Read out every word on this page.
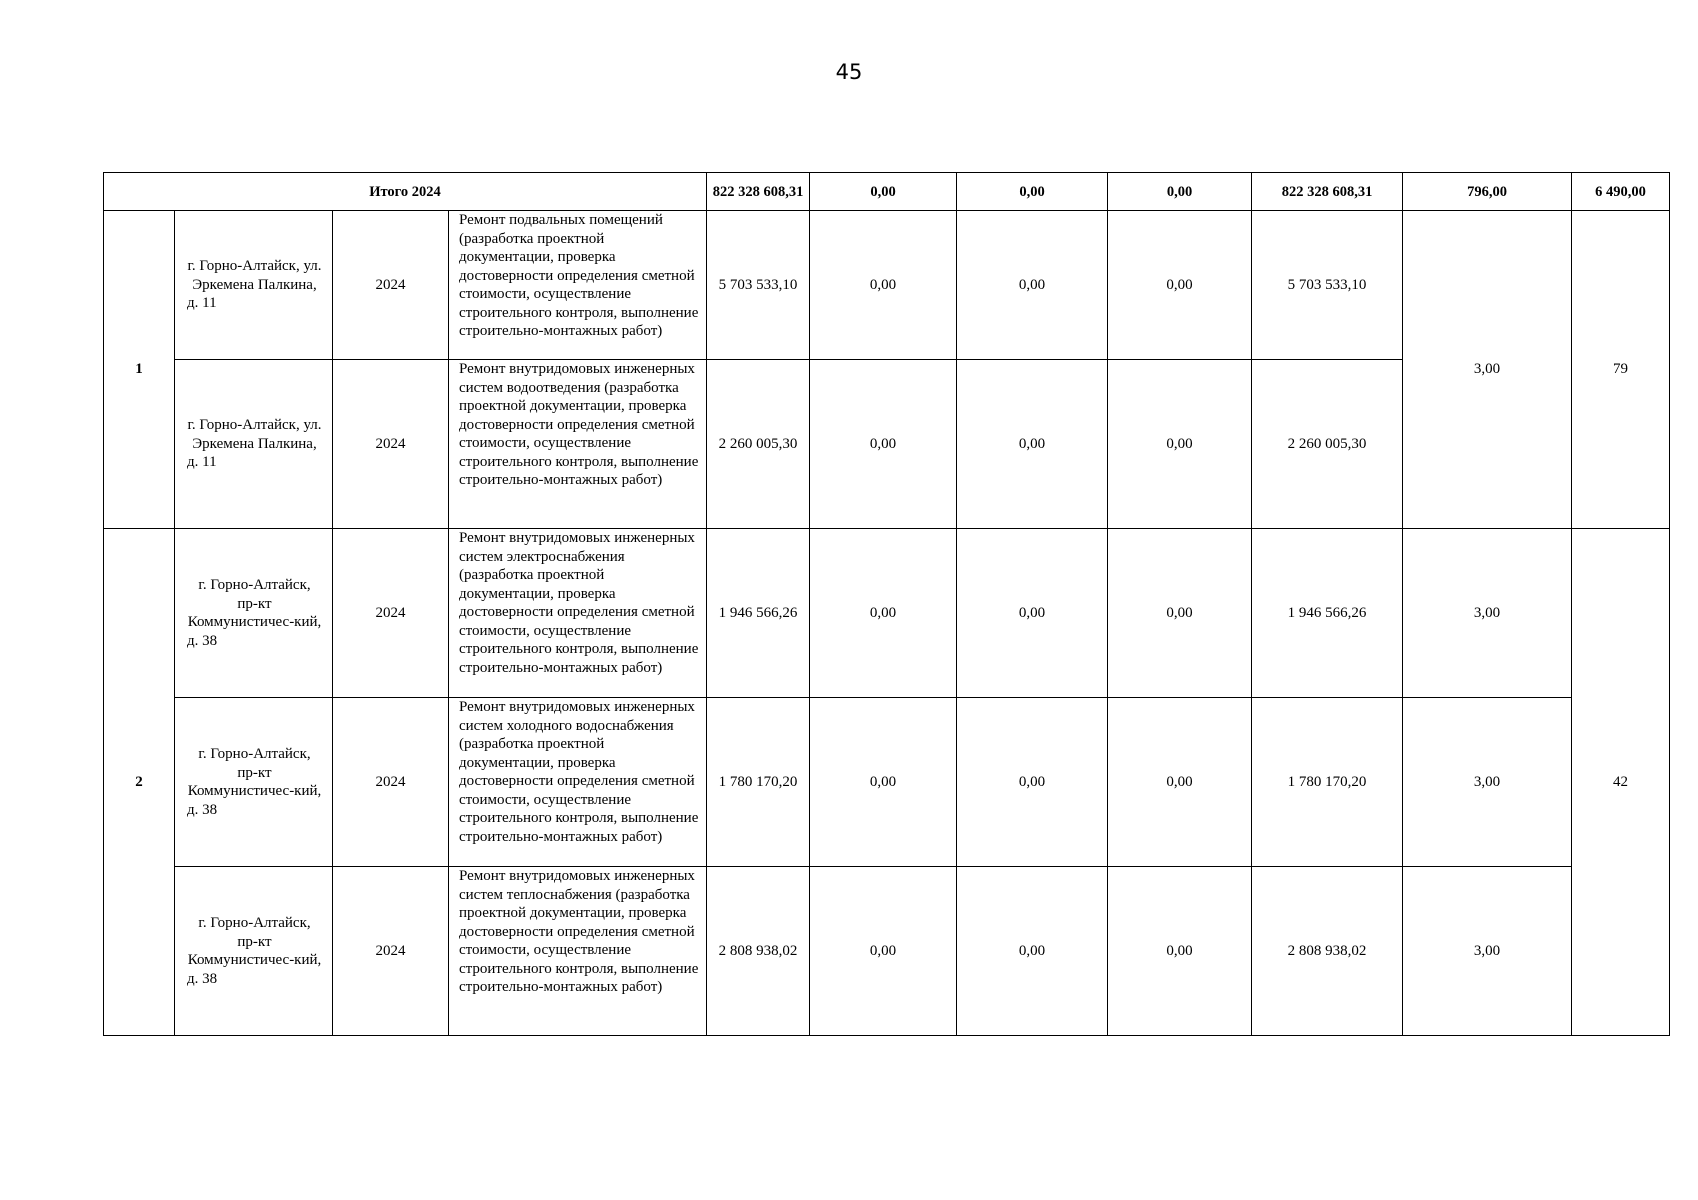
45
Итого 2024				822 328 608,31	0,00	0,00	0,00	822 328 608,31	796,00	6 490,00
1	г. Горно-Алтайск, ул. Эркемена Палкина, д. 11	2024	Ремонт подвальных помещений (разработка проектной документации, проверка достоверности определения сметной стоимости, осуществление строительного контроля, выполнение строительно-монтажных работ)	5 703 533,10	0,00	0,00	0,00	5 703 533,10	3,00	79
	г. Горно-Алтайск, ул. Эркемена Палкина, д. 11	2024	Ремонт внутридомовых инженерных систем водоотведения (разработка проектной документации, проверка достоверности определения сметной стоимости, осуществление строительного контроля, выполнение строительно-монтажных работ)	2 260 005,30	0,00	0,00	0,00	2 260 005,30		
2	г. Горно-Алтайск, пр-кт Коммунистичес-кий, д. 38	2024	Ремонт внутридомовых инженерных систем электроснабжения (разработка проектной документации, проверка достоверности определения сметной стоимости, осуществление строительного контроля, выполнение строительно-монтажных работ)	1 946 566,26	0,00	0,00	0,00	1 946 566,26	3,00	42
	г. Горно-Алтайск, пр-кт Коммунистичес-кий, д. 38	2024	Ремонт внутридомовых инженерных систем холодного водоснабжения (разработка проектной документации, проверка достоверности определения сметной стоимости, осуществление строительного контроля, выполнение строительно-монтажных работ)	1 780 170,20	0,00	0,00	0,00	1 780 170,20	3,00	
	г. Горно-Алтайск, пр-кт Коммунистичес-кий, д. 38	2024	Ремонт внутридомовых инженерных систем теплоснабжения (разработка проектной документации, проверка достоверности определения сметной стоимости, осуществление строительного контроля, выполнение строительно-монтажных работ)	2 808 938,02	0,00	0,00	0,00	2 808 938,02	3,00	
